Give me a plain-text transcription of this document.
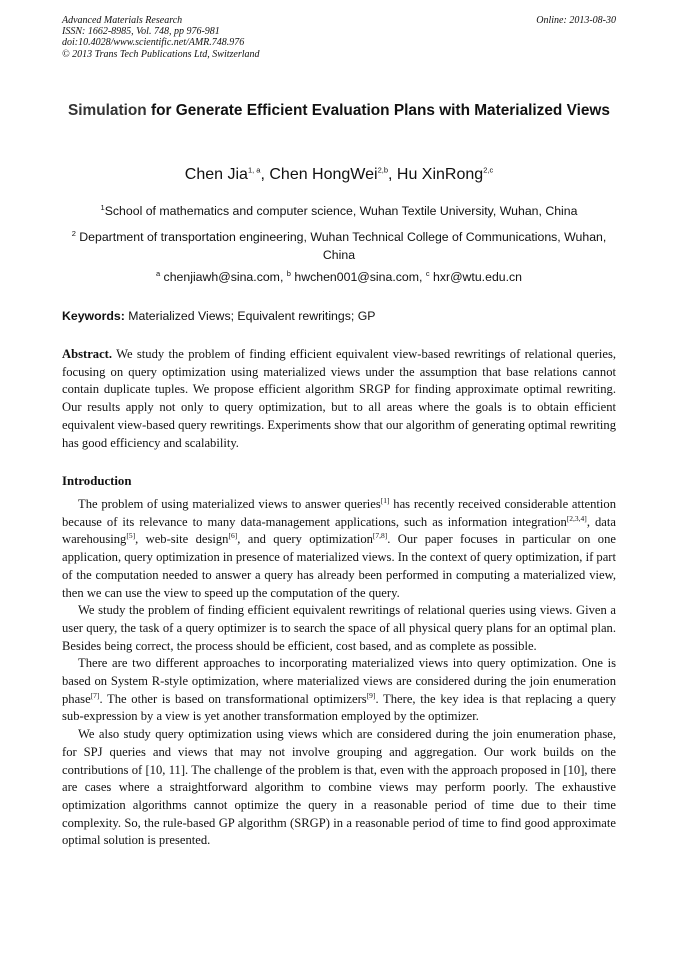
Advanced Materials Research
ISSN: 1662-8985, Vol. 748, pp 976-981
doi:10.4028/www.scientific.net/AMR.748.976
© 2013 Trans Tech Publications Ltd, Switzerland
Online: 2013-08-30
Simulation for Generate Efficient Evaluation Plans with Materialized Views
Chen Jia$^{1, a}$, Chen HongWei$^{2,b}$, Hu XinRong$^{2,c}$
$^1$School of mathematics and computer science, Wuhan Textile University, Wuhan, China
$^2$ Department of transportation engineering, Wuhan Technical College of Communications, Wuhan, China
$^a$ chenjiawh@sina.com, $^b$ hwchen001@sina.com, $^c$ hxr@wtu.edu.cn
Keywords: Materialized Views; Equivalent rewritings; GP
Abstract. We study the problem of finding efficient equivalent view-based rewritings of relational queries, focusing on query optimization using materialized views under the assumption that base relations cannot contain duplicate tuples. We propose efficient algorithm SRGP for finding approximate optimal rewriting. Our results apply not only to query optimization, but to all areas where the goals is to obtain efficient equivalent view-based query rewritings. Experiments show that our algorithm of generating optimal rewriting has good efficiency and scalability.
Introduction

The problem of using materialized views to answer queries[1] has recently received considerable attention because of its relevance to many data-management applications, such as information integration[2,3,4], data warehousing[5], web-site design[6], and query optimization[7,8]. Our paper focuses in particular on one application, query optimization in presence of materialized views. In the context of query optimization, if part of the computation needed to answer a query has already been performed in computing a materialized view, then we can use the view to speed up the computation of the query.

We study the problem of finding efficient equivalent rewritings of relational queries using views. Given a user query, the task of a query optimizer is to search the space of all physical query plans for an optimal plan. Besides being correct, the process should be efficient, cost based, and as complete as possible.

There are two different approaches to incorporating materialized views into query optimization. One is based on System R-style optimization, where materialized views are considered during the join enumeration phase[7]. The other is based on transformational optimizers[9]. There, the key idea is that replacing a query sub-expression by a view is yet another transformation employed by the optimizer.

We also study query optimization using views which are considered during the join enumeration phase, for SPJ queries and views that may not involve grouping and aggregation. Our work builds on the contributions of [10, 11]. The challenge of the problem is that, even with the approach proposed in [10], there are cases where a straightforward algorithm to combine views may perform poorly. The exhaustive optimization algorithms cannot optimize the query in a reasonable period of time due to their time complexity. So, the rule-based GP algorithm (SRGP) in a reasonable period of time to find good approximate optimal solution is presented.
